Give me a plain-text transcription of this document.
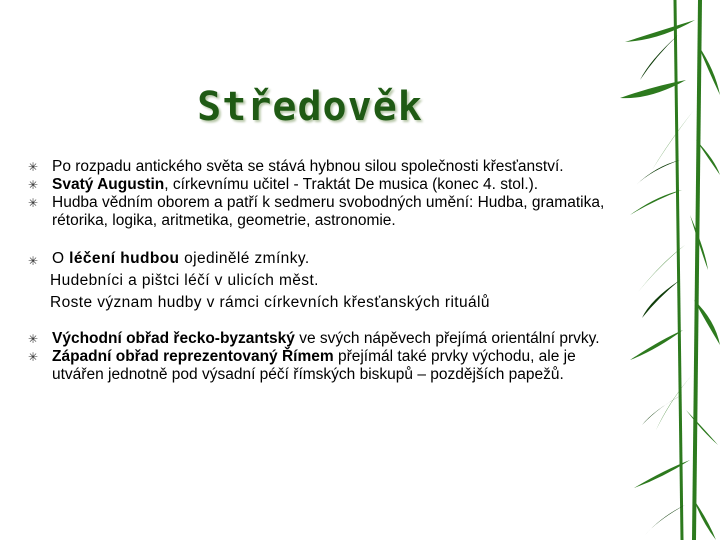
Středověk
✳ Po rozpadu antického světa se stává hybnou silou společnosti křesťanství.
✳ Svatý Augustin, církevnímu učitel - Traktát De musica (konec 4. stol.).
✳ Hudba vědním oborem a patří k sedmeru svobodných umění: Hudba, gramatika, rétorika, logika, aritmetika, geometrie, astronomie.
✳ O léčení hudbou ojedinělé zmínky.
Hudebníci a pištci léčí v ulicích měst.
Roste význam hudby v rámci církevních křesťanských rituálů
✳ Východní obřad řecko-byzantský ve svých nápěvech přejímá orientální prvky.
✳ Západní obřad reprezentovaný Římem přejímál také prvky východu, ale je utvářen jednotně pod výsadní péčí římských biskupů – pozdějších papežů.
